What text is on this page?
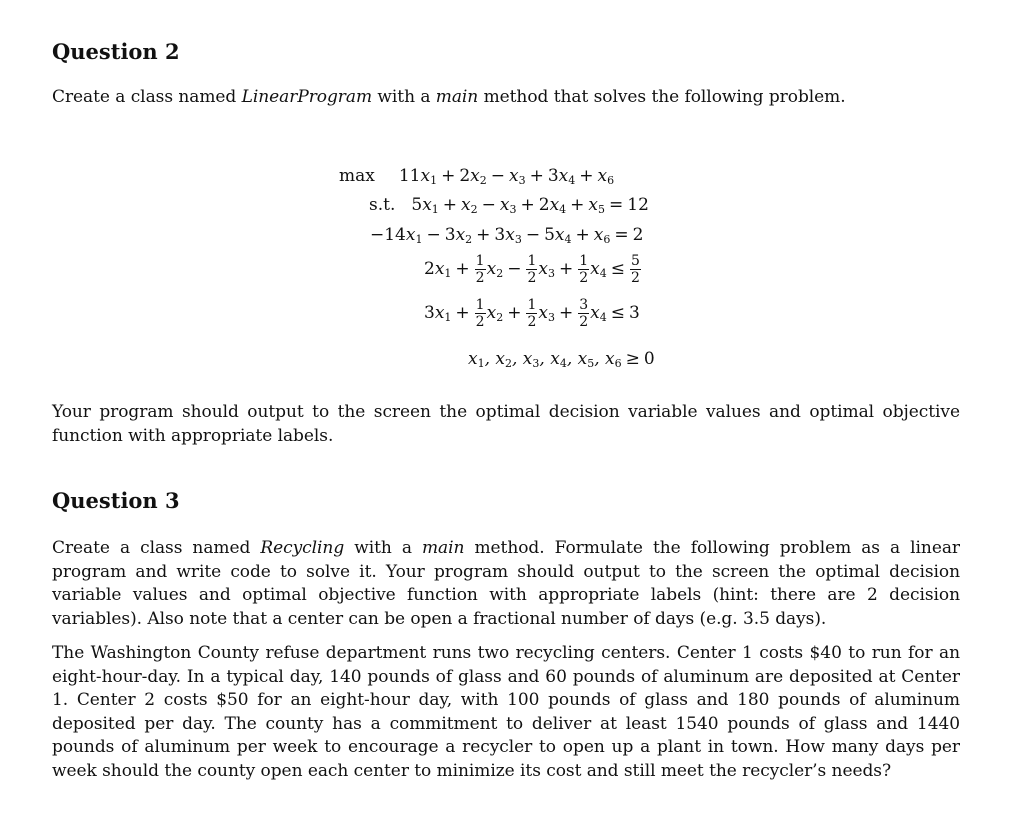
Question 2

Create a class named LinearProgram with a main method that solves the following problem.

$\max 11x_1 + 2x_2 - x_3 + 3x_4 + x_6$
s.t. $5x_1 + x_2 - x_3 + 2x_4 + x_5 = 12$
$-14x_1 - 3x_2 + 3x_3 - 5x_4 + x_6 = 2$
$2x_1 + \frac{1}{2} x_2 - \frac{1}{2} x_3 + \frac{1}{2} x_4 \le \frac{5}{2}$
$3x_1 + \frac{1}{2} x_2 + \frac{1}{2} x_3 + \frac{3}{2} x_4 \le 3$
$x_1$, $x_2$, $x_3$, $x_4$, $x_5$, $x_6 \ge 0$

Your program should output to the screen the optimal decision variable values and optimal objective function with appropriate labels.

Question 3

Create a class named Recycling with a main method. Formulate the following problem as a linear program and write code to solve it. Your program should output to the screen the optimal decision variable values and optimal objective function with appropriate labels (hint: there are 2 decision variables). Also note that a center can be open a fractional number of days (e.g. 3.5 days).

The Washington County refuse department runs two recycling centers. Center 1 costs $40 to run for an eight-hour-day. In a typical day, 140 pounds of glass and 60 pounds of aluminum are deposited at Center 1. Center 2 costs $50 for an eight-hour day, with 100 pounds of glass and 180 pounds of aluminum deposited per day. The county has a commitment to deliver at least 1540 pounds of glass and 1440 pounds of aluminum per week to encourage a recycler to open up a plant in town. How many days per week should the county open each center to minimize its cost and still meet the recycler’s needs?
